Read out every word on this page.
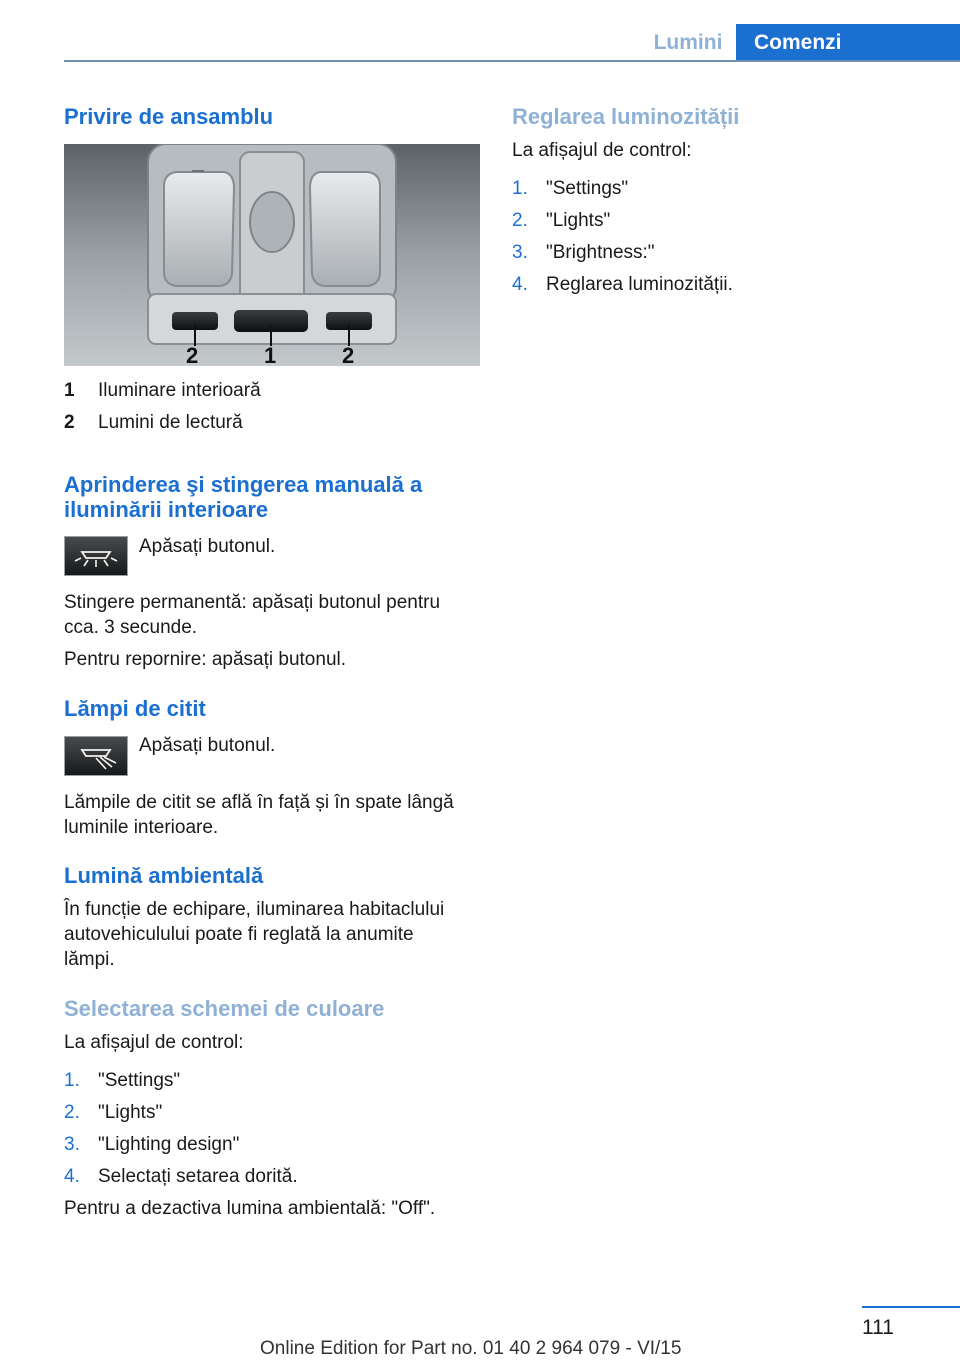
Lumini	Comenzi
Privire de ansamblu
2	1	2
1 Iluminare interioară
2 Lumini de lectură
Aprinderea şi stingerea manuală a
iluminării interioare
Apăsați butonul.
Stingere permanentă: apăsați butonul pentru
cca. 3 secunde.
Pentru repornire: apăsați butonul.
Lămpi de citit
Apăsați butonul.
Lămpile de citit se află în față și în spate lângă
luminile interioare.
Lumină ambientală
În funcție de echipare, iluminarea habitaclului
autovehiculului poate fi reglată la anumite
lămpi.
Selectarea schemei de culoare
La afișajul de control:
1. "Settings"
2. "Lights"
3. "Lighting design"
4. Selectați setarea dorită.
Pentru a dezactiva lumina ambientală: "Off".
Reglarea luminozității
La afișajul de control:
1. "Settings"
2. "Lights"
3. "Brightness:"
4. Reglarea luminozității.
111
Online Edition for Part no. 01 40 2 964 079 - VI/15
